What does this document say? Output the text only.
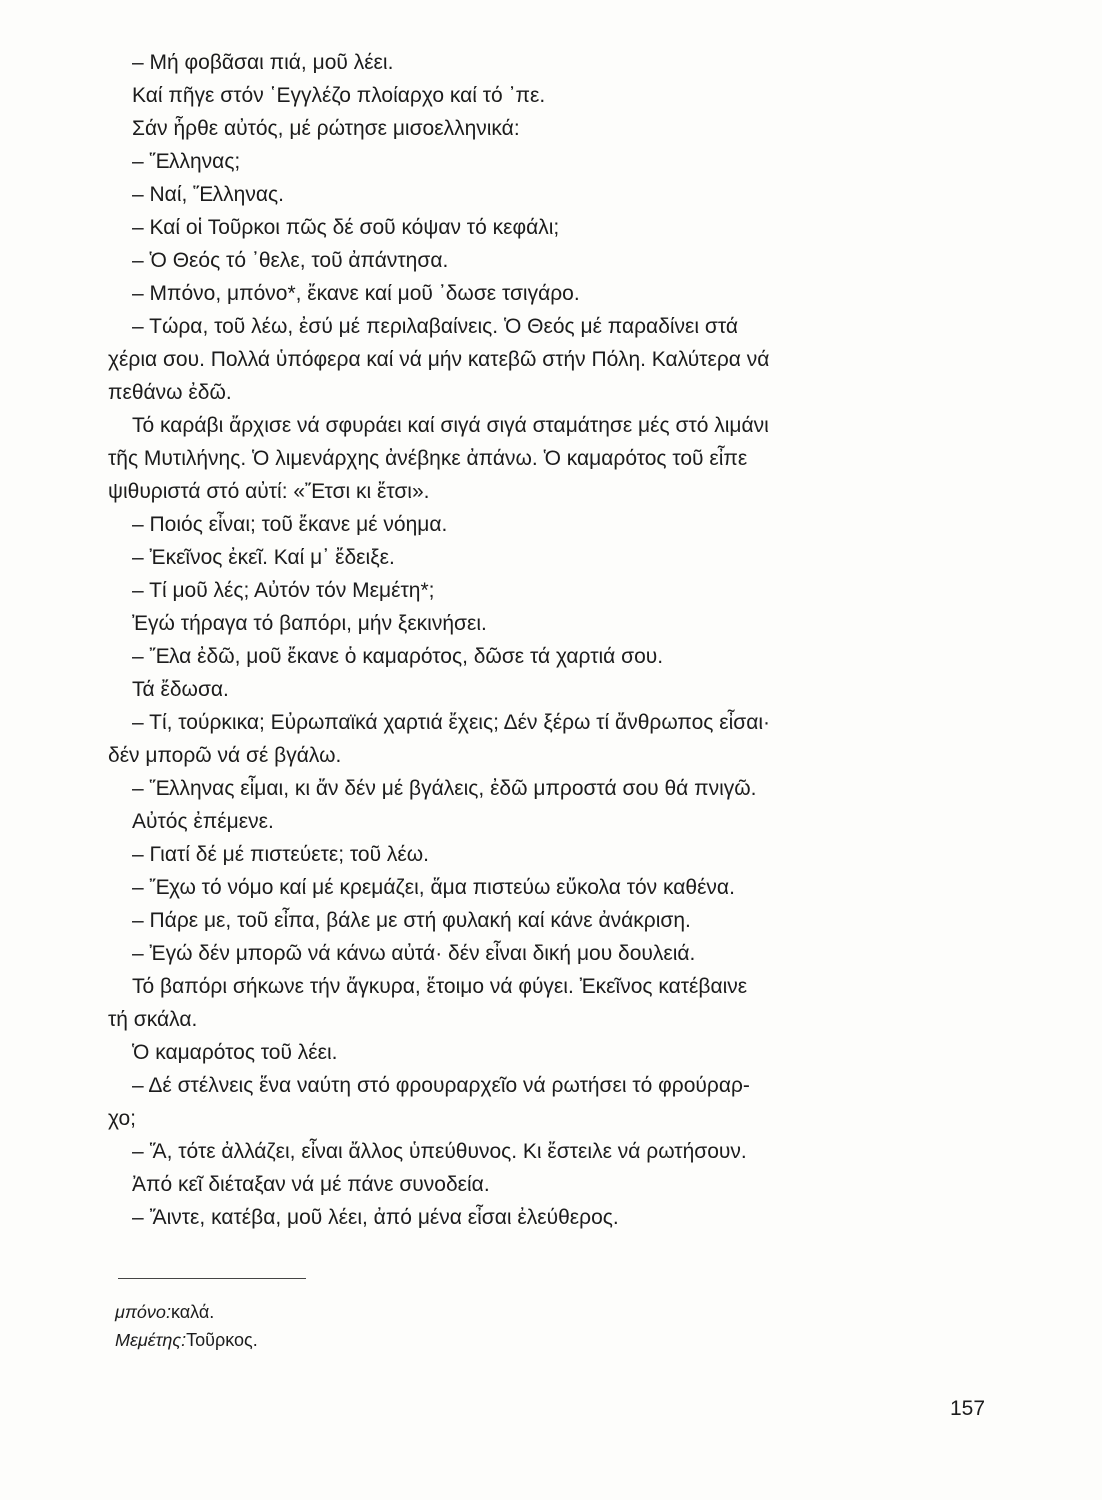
– Μή φοβᾶσαι πιά, μοῦ λέει.
Καί πῆγε στόν ῾Εγγλέζο πλοίαρχο καί τό ᾿πε.
Σάν ἦρθε αὐτός, μέ ρώτησε μισοελληνικά:
– Ἕλληνας;
– Ναί, Ἕλληνας.
– Καί οἱ Τοῦρκοι πῶς δέ σοῦ κόψαν τό κεφάλι;
– Ὁ Θεός τό ᾿θελε, τοῦ ἀπάντησα.
– Μπόνο, μπόνο*, ἔκανε καί μοῦ ᾿δωσε τσιγάρο.
– Τώρα, τοῦ λέω, ἐσύ μέ περιλαβαίνεις. Ὁ Θεός μέ παραδίνει στά
χέρια σου. Πολλά ὑπόφερα καί νά μήν κατεβῶ στήν Πόλη. Καλύτερα νά
πεθάνω ἐδῶ.
Τό καράβι ἄρχισε νά σφυράει καί σιγά σιγά σταμάτησε μές στό λιμάνι
τῆς Μυτιλήνης. Ὁ λιμενάρχης ἀνέβηκε ἀπάνω. Ὁ καμαρότος τοῦ εἶπε
ψιθυριστά στό αὐτί: «Ἔτσι κι ἔτσι».
– Ποιός εἶναι; τοῦ ἔκανε μέ νόημα.
– Ἐκεῖνος ἐκεῖ. Καί μ᾿ ἔδειξε.
– Τί μοῦ λές; Αὐτόν τόν Μεμέτη*;
Ἐγώ τήραγα τό βαπόρι, μήν ξεκινήσει.
– Ἔλα ἐδῶ, μοῦ ἔκανε ὁ καμαρότος, δῶσε τά χαρτιά σου.
Τά ἔδωσα.
– Τί, τούρκικα; Εὐρωπαϊκά χαρτιά ἔχεις; Δέν ξέρω τί ἄνθρωπος εἶσαι·
δέν μπορῶ νά σέ βγάλω.
– Ἕλληνας εἶμαι, κι ἄν δέν μέ βγάλεις, ἐδῶ μπροστά σου θά πνιγῶ.
Αὐτός ἐπέμενε.
– Γιατί δέ μέ πιστεύετε; τοῦ λέω.
– Ἔχω τό νόμο καί μέ κρεμάζει, ἅμα πιστεύω εὔκολα τόν καθένα.
– Πάρε με, τοῦ εἶπα, βάλε με στή φυλακή καί κάνε ἀνάκριση.
– Ἐγώ δέν μπορῶ νά κάνω αὐτά· δέν εἶναι δική μου δουλειά.
Τό βαπόρι σήκωνε τήν ἄγκυρα, ἕτοιμο νά φύγει. Ἐκεῖνος κατέβαινε
τή σκάλα.
Ὁ καμαρότος τοῦ λέει.
– Δέ στέλνεις ἕνα ναύτη στό φρουραρχεῖο νά ρωτήσει τό φρούραρ-
χο;
– Ἅ, τότε ἀλλάζει, εἶναι ἄλλος ὑπεύθυνος. Κι ἔστειλε νά ρωτήσουν.
Ἀπό κεῖ διέταξαν νά μέ πάνε συνοδεία.
– Ἄιντε, κατέβα, μοῦ λέει, ἀπό μένα εἶσαι ἐλεύθερος.
μπόνο:καλά.
Μεμέτης:Τοῦρκος.
157
